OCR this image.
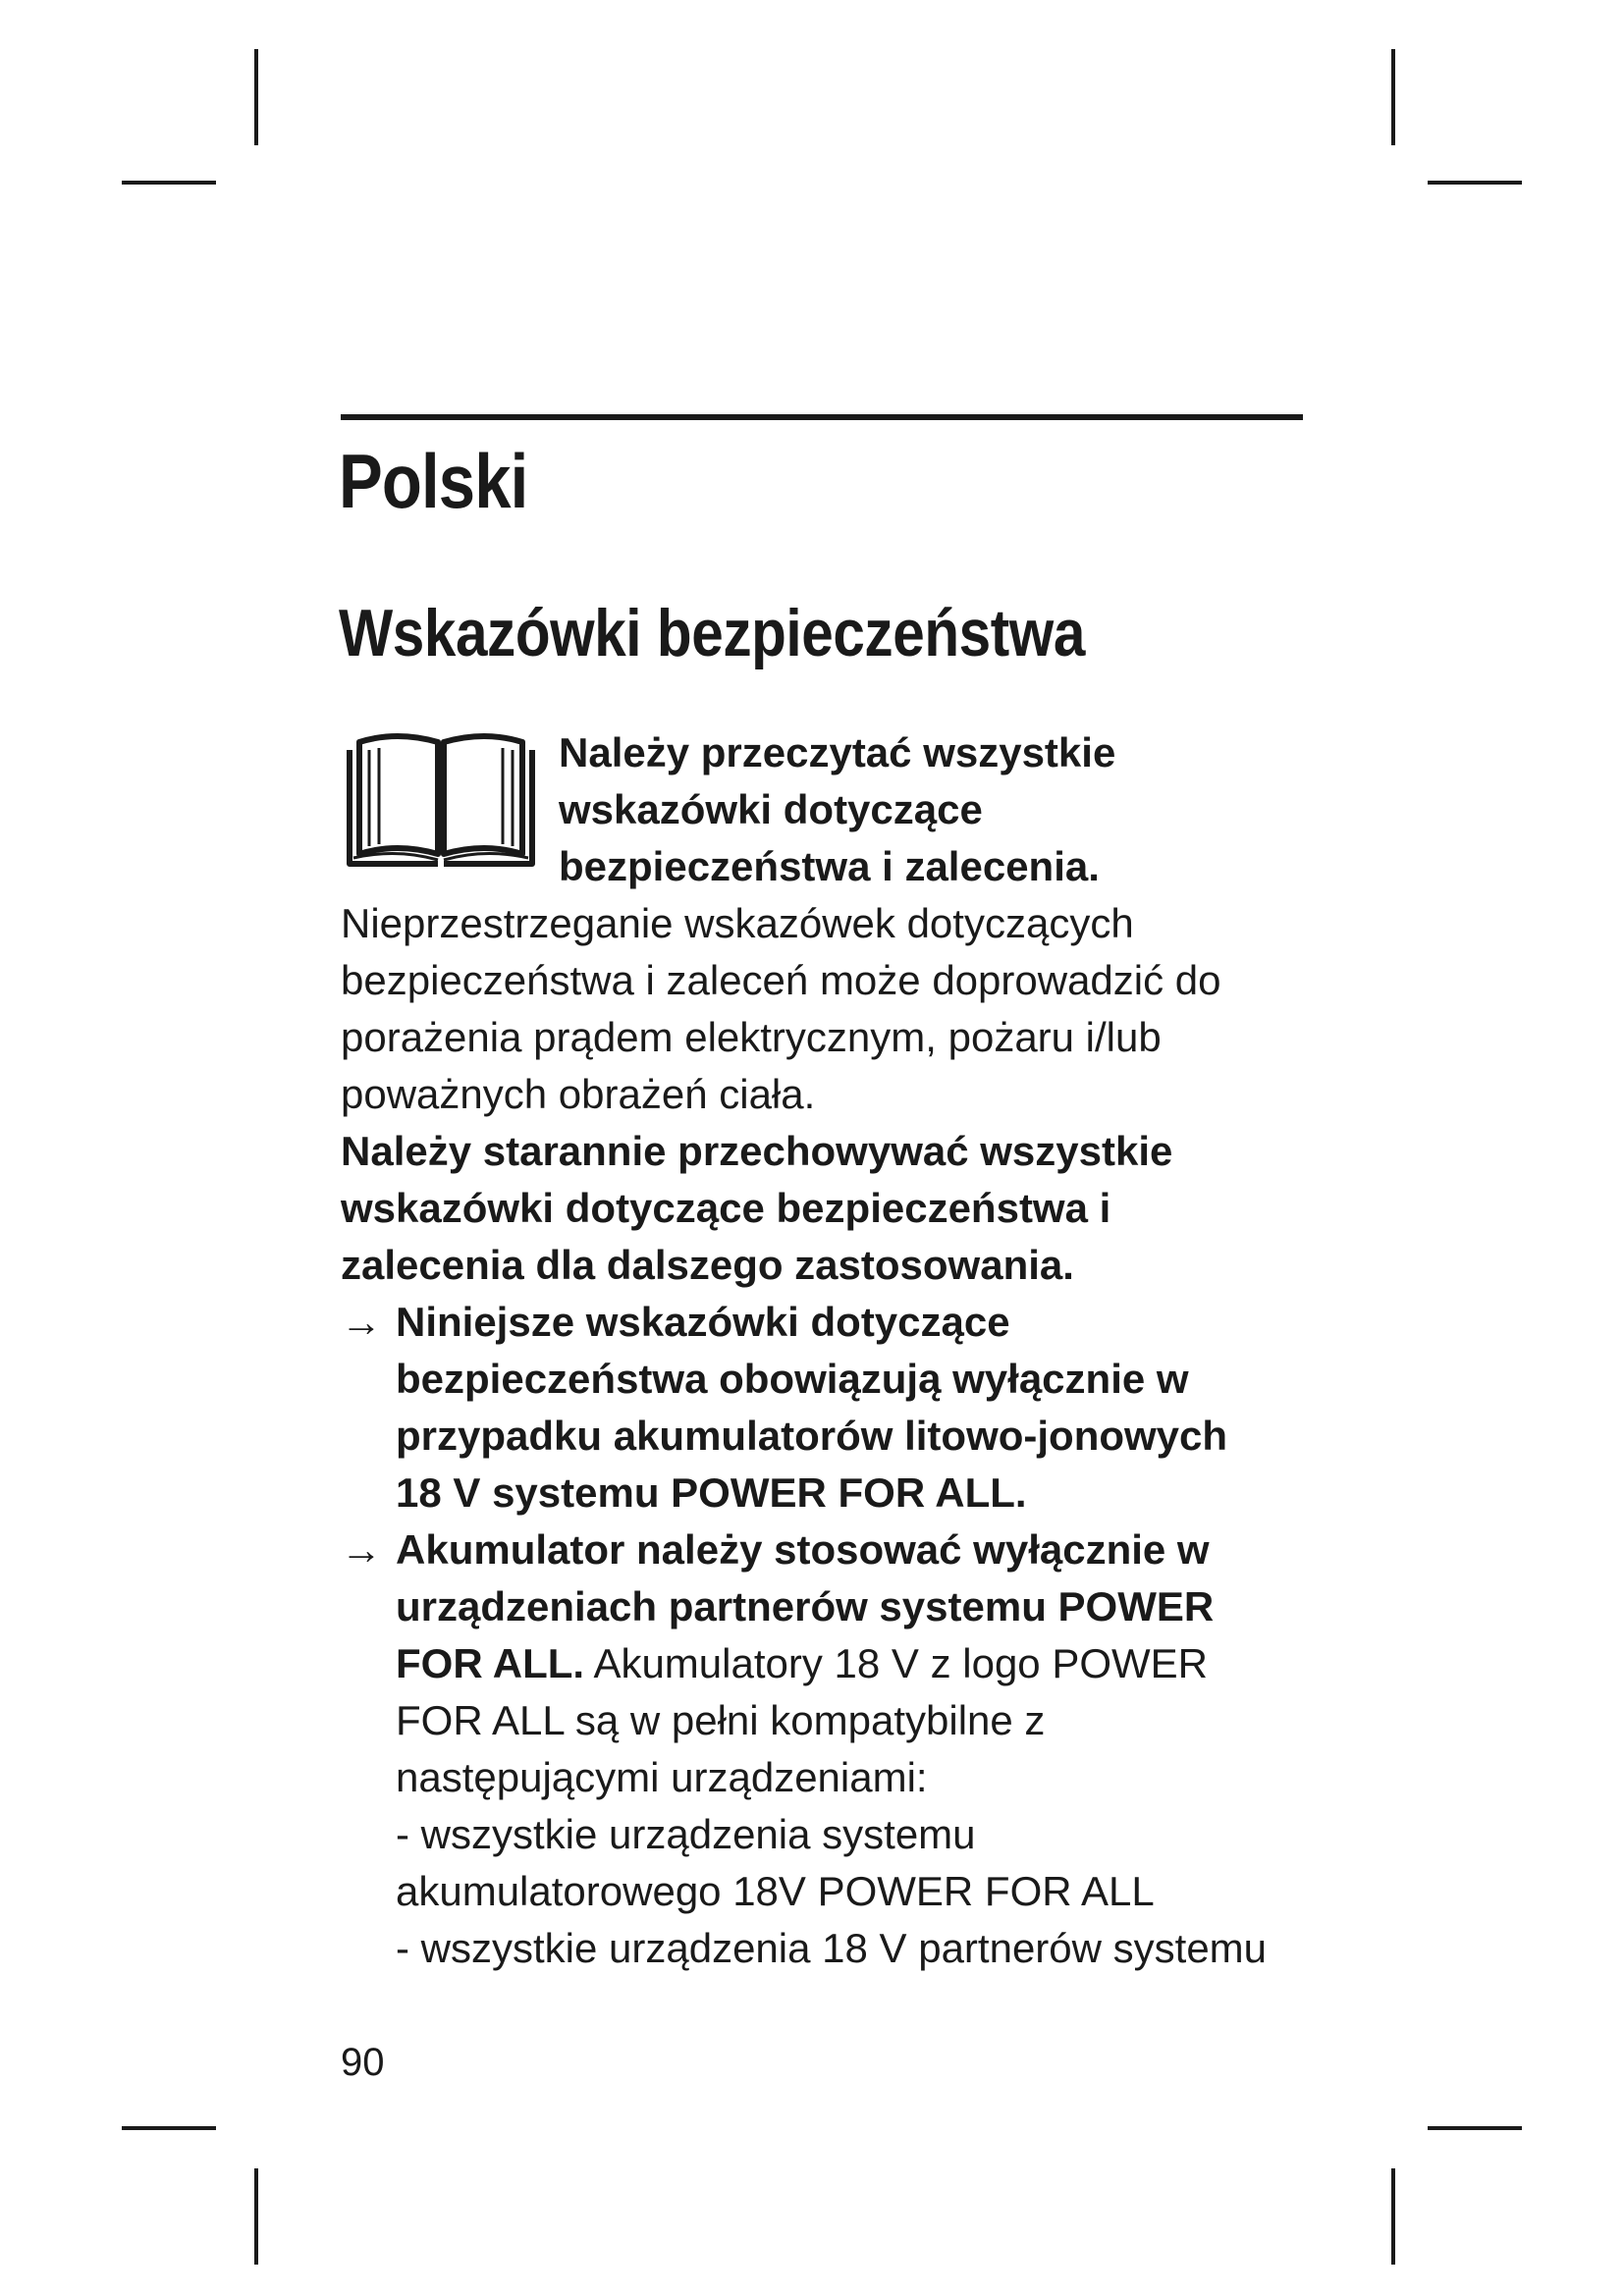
Polski
Wskazówki bezpieczeństwa

Należy przeczytać wszystkie wskazówki dotyczące bezpieczeństwa i zalecenia. Nieprzestrzeganie wskazówek dotyczących bezpieczeństwa i zaleceń może doprowadzić do porażenia prądem elektrycznym, pożaru i/lub poważnych obrażeń ciała.

Należy starannie przechowywać wszystkie wskazówki dotyczące bezpieczeństwa i zalecenia dla dalszego zastosowania.

→ Niniejsze wskazówki dotyczące bezpieczeństwa obowiązują wyłącznie w przypadku akumulatorów litowo-jonowych 18 V systemu POWER FOR ALL.

→ Akumulator należy stosować wyłącznie w urządzeniach partnerów systemu POWER FOR ALL. Akumulatory 18 V z logo POWER FOR ALL są w pełni kompatybilne z następującymi urządzeniami:

- wszystkie urządzenia systemu akumulatorowego 18V POWER FOR ALL

- wszystkie urządzenia 18 V partnerów systemu

90
